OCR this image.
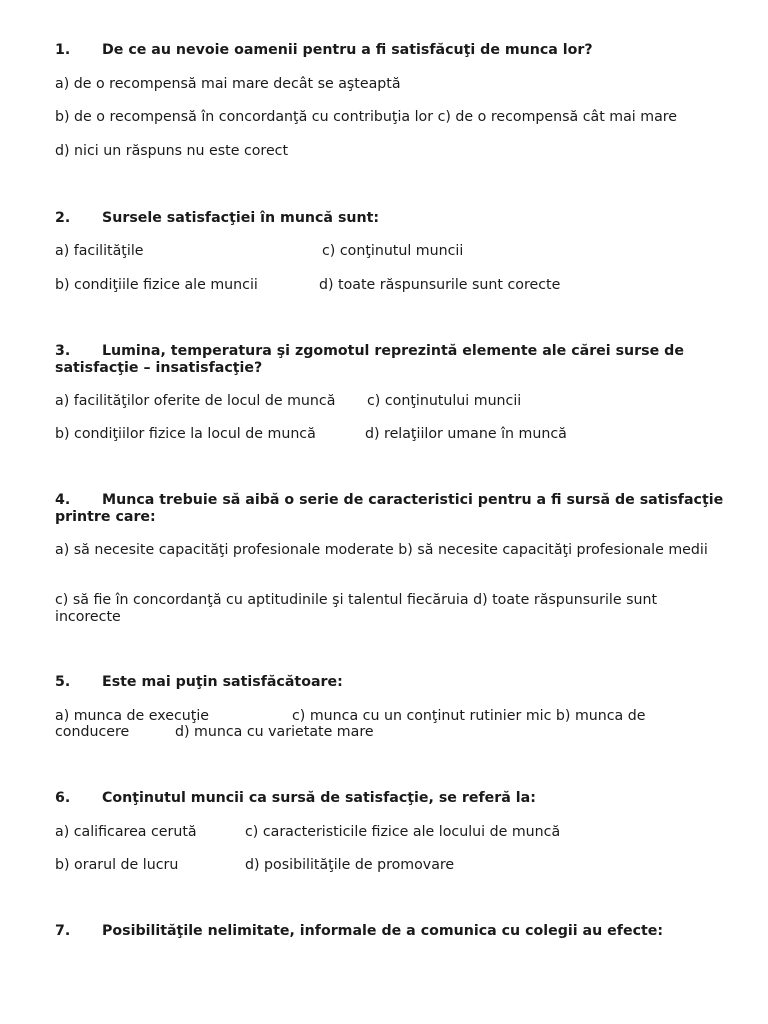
1. De ce au nevoie oamenii pentru a fi satisfăcuţi de munca lor?

a) de o recompensă mai mare decât se aşteaptă

b) de o recompensă în concordanţă cu contribuţia lor c) de o recompensă cât mai mare

d) nici un răspuns nu este corect

2. Sursele satisfacţiei în muncă sunt:

a) facilităţile	c) conţinutul muncii

b) condiţiile fizice ale muncii	d) toate răspunsurile sunt corecte

3. Lumina, temperatura şi zgomotul reprezintă elemente ale cărei surse de satisfacţie – insatisfacţie?

a) facilităţilor oferite de locul de muncă c) conţinutului muncii

b) condiţiilor fizice la locul de muncă	d) relaţiilor umane în muncă

4. Munca trebuie să aibă o serie de caracteristici pentru a fi sursă de satisfacţie printre care:

a) să necesite capacităţi profesionale moderate b) să necesite capacităţi profesionale medii

c) să fie în concordanţă cu aptitudinile şi talentul fiecăruia d) toate răspunsurile sunt incorecte

5. Este mai puţin satisfăcătoare:

a) munca de execuţie	c) munca cu un conţinut rutinier mic b) munca de

conducere	d) munca cu varietate mare

6. Conţinutul muncii ca sursă de satisfacţie, se referă la:

a) calificarea cerută	c) caracteristicile fizice ale locului de muncă

b) orarul de lucru	d) posibilităţile de promovare

7. Posibilităţile nelimitate, informale de a comunica cu colegii au efecte:
